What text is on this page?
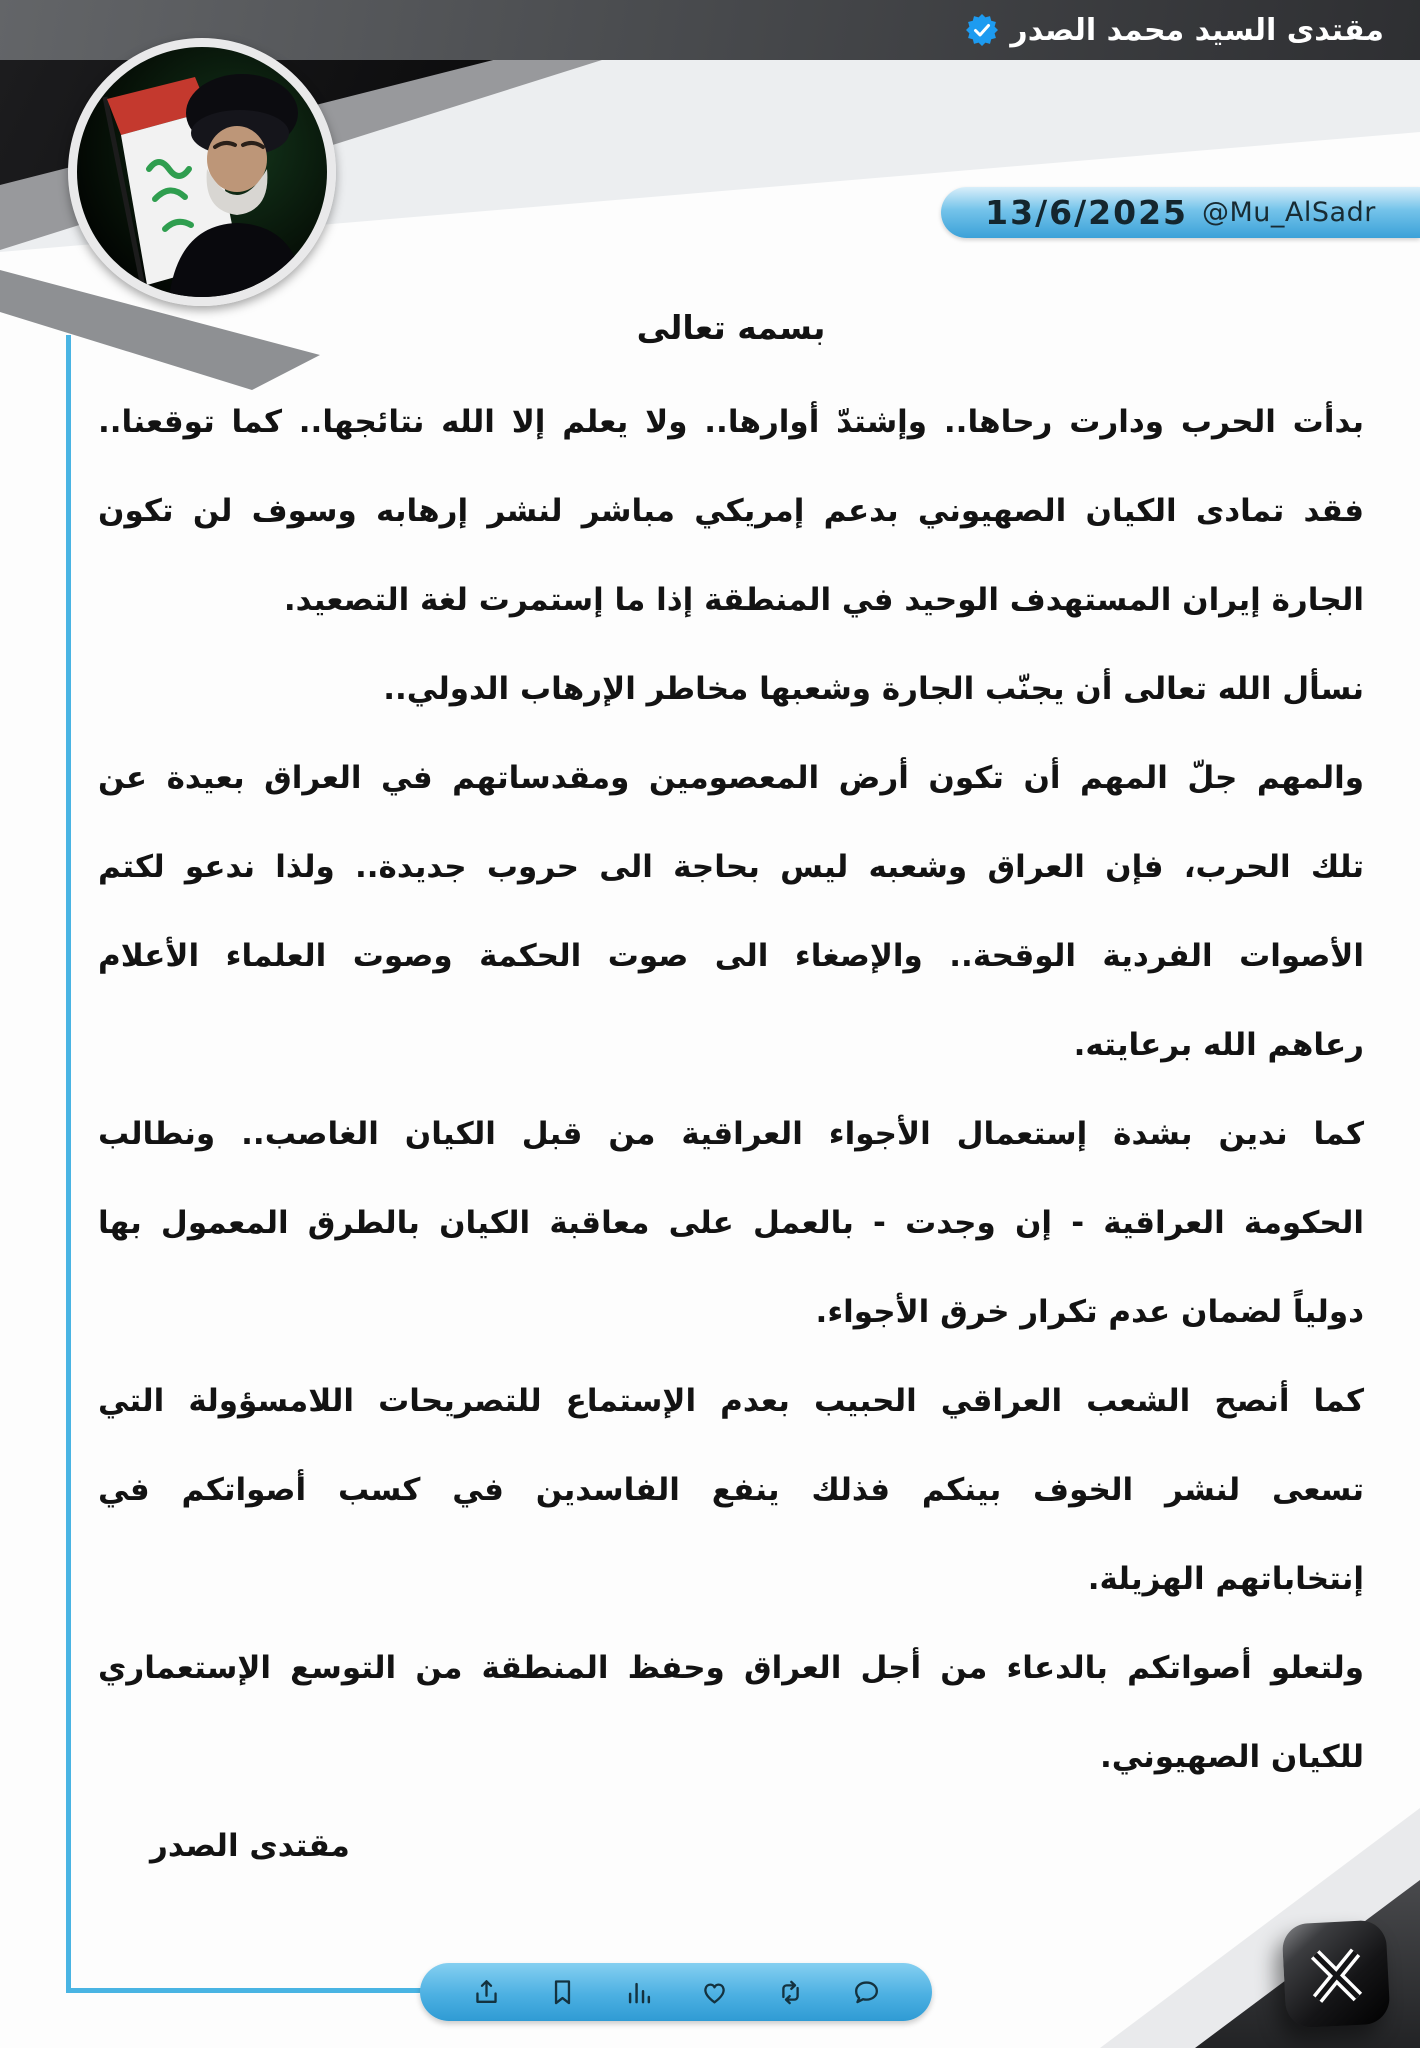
مقتدى السيد محمد الصدر
13/6/2025 @Mu_AlSadr
بسمه تعالى
بدأت الحرب ودارت رحاها.. وإشتدّ أوارها.. ولا يعلم إلا الله نتائجها.. كما توقعنا..
فقد تمادى الكيان الصهيوني بدعم إمريكي مباشر لنشر إرهابه وسوف لن تكون
الجارة إيران المستهدف الوحيد في المنطقة إذا ما إستمرت لغة التصعيد.
نسأل الله تعالى أن يجنّب الجارة وشعبها مخاطر الإرهاب الدولي..
والمهم جلّ المهم أن تكون أرض المعصومين ومقدساتهم في العراق بعيدة عن
تلك الحرب، فإن العراق وشعبه ليس بحاجة الى حروب جديدة.. ولذا ندعو لكتم
الأصوات الفردية الوقحة.. والإصغاء الى صوت الحكمة وصوت العلماء الأعلام
رعاهم الله برعايته.
كما ندين بشدة إستعمال الأجواء العراقية من قبل الكيان الغاصب.. ونطالب
الحكومة العراقية - إن وجدت - بالعمل على معاقبة الكيان بالطرق المعمول بها
دولياً لضمان عدم تكرار خرق الأجواء.
كما أنصح الشعب العراقي الحبيب بعدم الإستماع للتصريحات اللامسؤولة التي
تسعى لنشر الخوف بينكم فذلك ينفع الفاسدين في كسب أصواتكم في
إنتخاباتهم الهزيلة.
ولتعلو أصواتكم بالدعاء من أجل العراق وحفظ المنطقة من التوسع الإستعماري
للكيان الصهيوني.
مقتدى الصدر
